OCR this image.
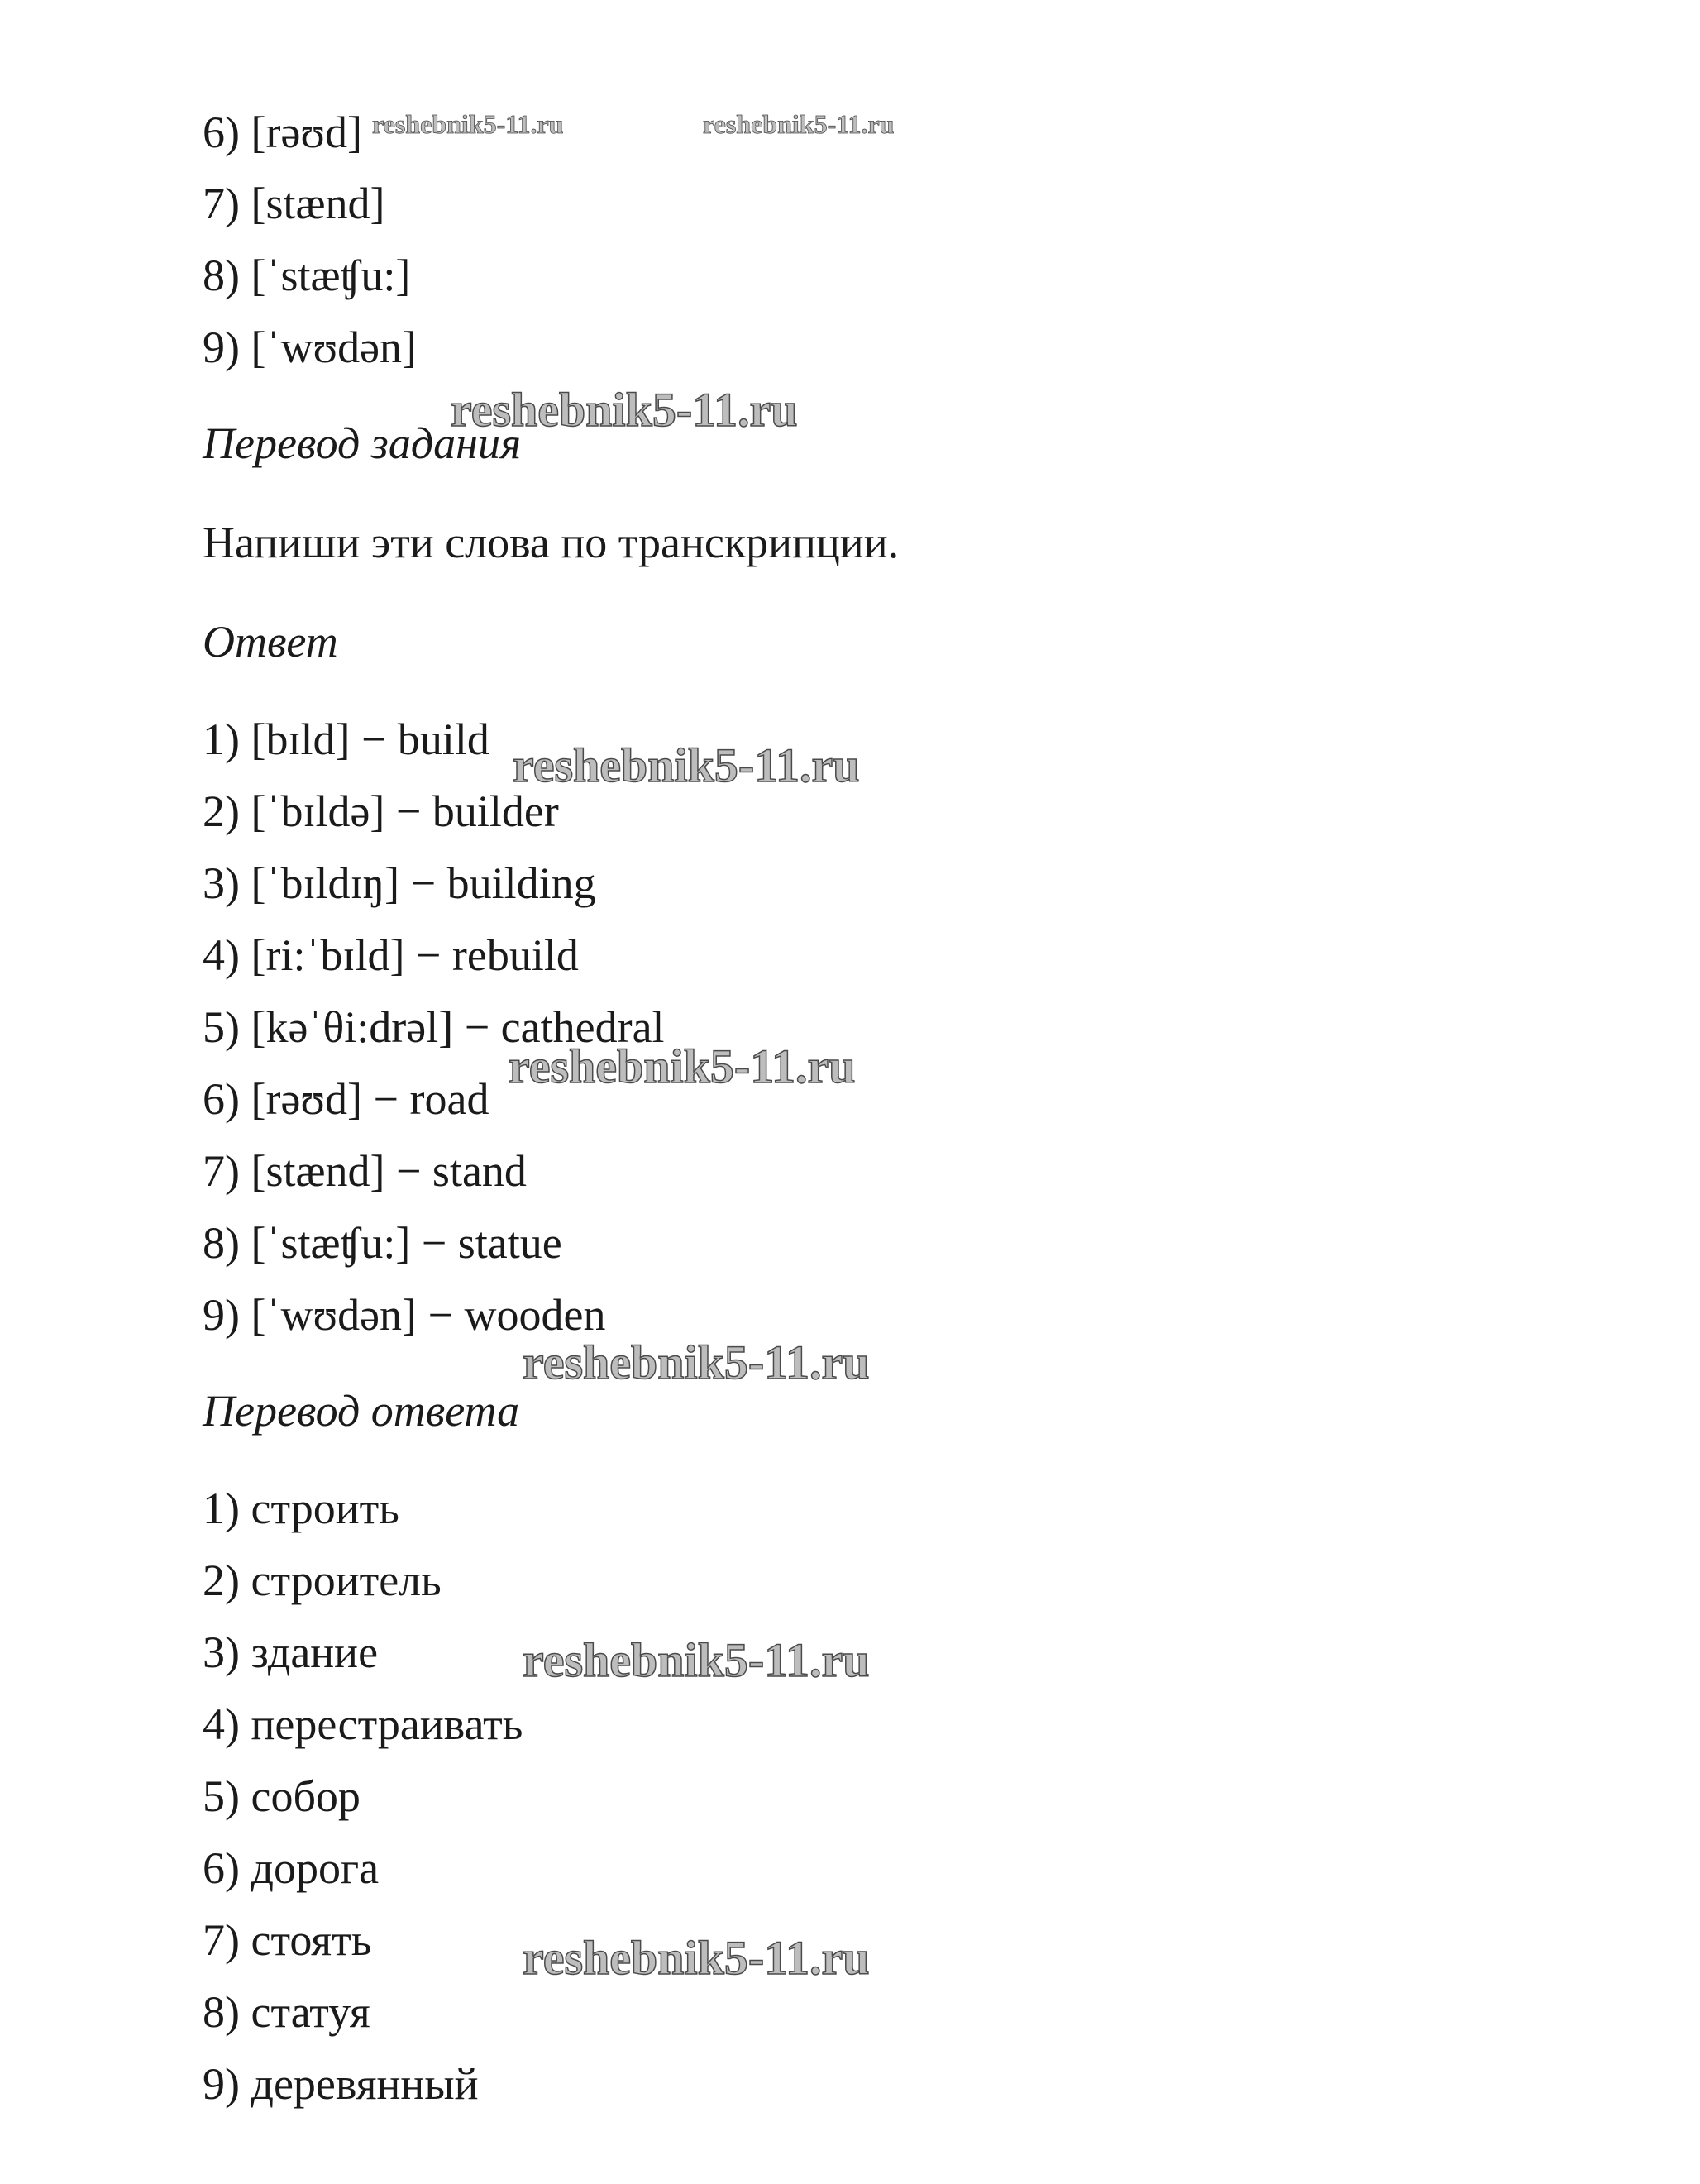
6) [rəʊd]
7) [stænd]
8) [ˈstæʧu:]
9) [ˈwʊdən]
Перевод задания
Напиши эти слова по транскрипции.
Ответ
1) [bɪld] − build
2) [ˈbɪldə] − builder
3) [ˈbɪldɪŋ] − building
4) [ri:ˈbɪld] − rebuild
5) [kəˈθi:drəl] − cathedral
6) [rəʊd] − road
7) [stænd] − stand
8) [ˈstæʧu:] − statue
9) [ˈwʊdən] − wooden
Перевод ответа
1) строить
2) строитель
3) здание
4) перестраивать
5) собор
6) дорога
7) стоять
8) статуя
9) деревянный
reshebnik5-11.ru	reshebnik5-11.ru
reshebnik5-11.ru
reshebnik5-11.ru
reshebnik5-11.ru
reshebnik5-11.ru
reshebnik5-11.ru
reshebnik5-11.ru
